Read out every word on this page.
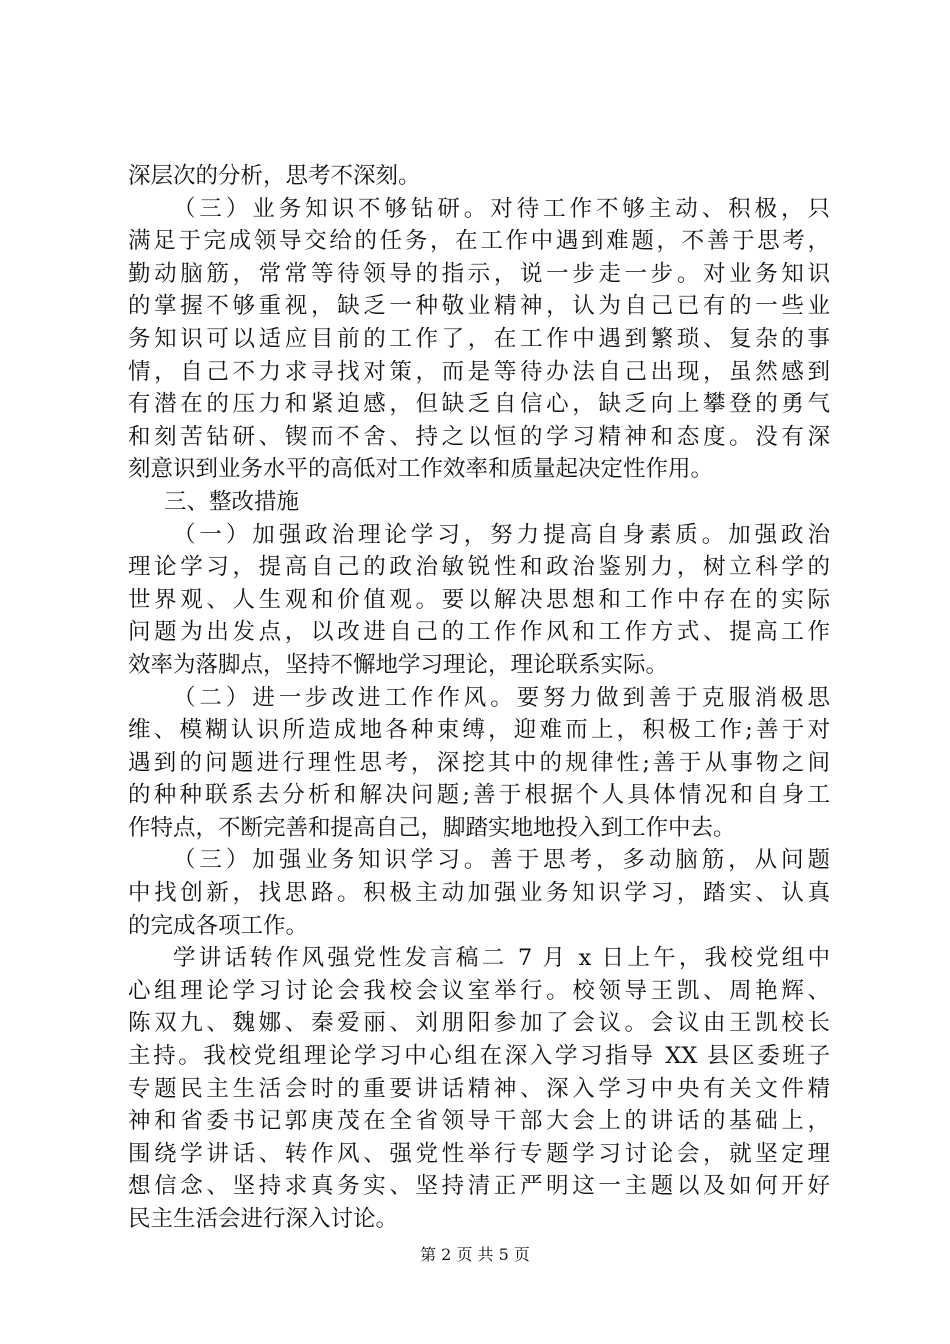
深层次的分析，思考不深刻。
（三）业务知识不够钻研。对待工作不够主动、积极，只
满足于完成领导交给的任务，在工作中遇到难题，不善于思考，
勤动脑筋，常常等待领导的指示，说一步走一步。对业务知识
的掌握不够重视，缺乏一种敬业精神，认为自己已有的一些业
务知识可以适应目前的工作了，在工作中遇到繁琐、复杂的事
情，自己不力求寻找对策，而是等待办法自己出现，虽然感到
有潜在的压力和紧迫感，但缺乏自信心，缺乏向上攀登的勇气
和刻苦钻研、锲而不舍、持之以恒的学习精神和态度。没有深
刻意识到业务水平的高低对工作效率和质量起决定性作用。
三、整改措施
（一）加强政治理论学习，努力提高自身素质。加强政治
理论学习，提高自己的政治敏锐性和政治鉴别力，树立科学的
世界观、人生观和价值观。要以解决思想和工作中存在的实际
问题为出发点，以改进自己的工作作风和工作方式、提高工作
效率为落脚点，坚持不懈地学习理论，理论联系实际。
（二）进一步改进工作作风。要努力做到善于克服消极思
维、模糊认识所造成地各种束缚，迎难而上，积极工作;善于对
遇到的问题进行理性思考，深挖其中的规律性;善于从事物之间
的种种联系去分析和解决问题;善于根据个人具体情况和自身工
作特点，不断完善和提高自己，脚踏实地地投入到工作中去。
（三）加强业务知识学习。善于思考，多动脑筋，从问题
中找创新，找思路。积极主动加强业务知识学习，踏实、认真
的完成各项工作。
学讲话转作风强党性发言稿二 7 月 x 日上午，我校党组中
心组理论学习讨论会我校会议室举行。校领导王凯、周艳辉、
陈双九、魏娜、秦爱丽、刘朋阳参加了会议。会议由王凯校长
主持。我校党组理论学习中心组在深入学习指导 XX 县区委班子
专题民主生活会时的重要讲话精神、深入学习中央有关文件精
神和省委书记郭庚茂在全省领导干部大会上的讲话的基础上，
围绕学讲话、转作风、强党性举行专题学习讨论会，就坚定理
想信念、坚持求真务实、坚持清正严明这一主题以及如何开好
民主生活会进行深入讨论。
第 2 页 共 5 页
